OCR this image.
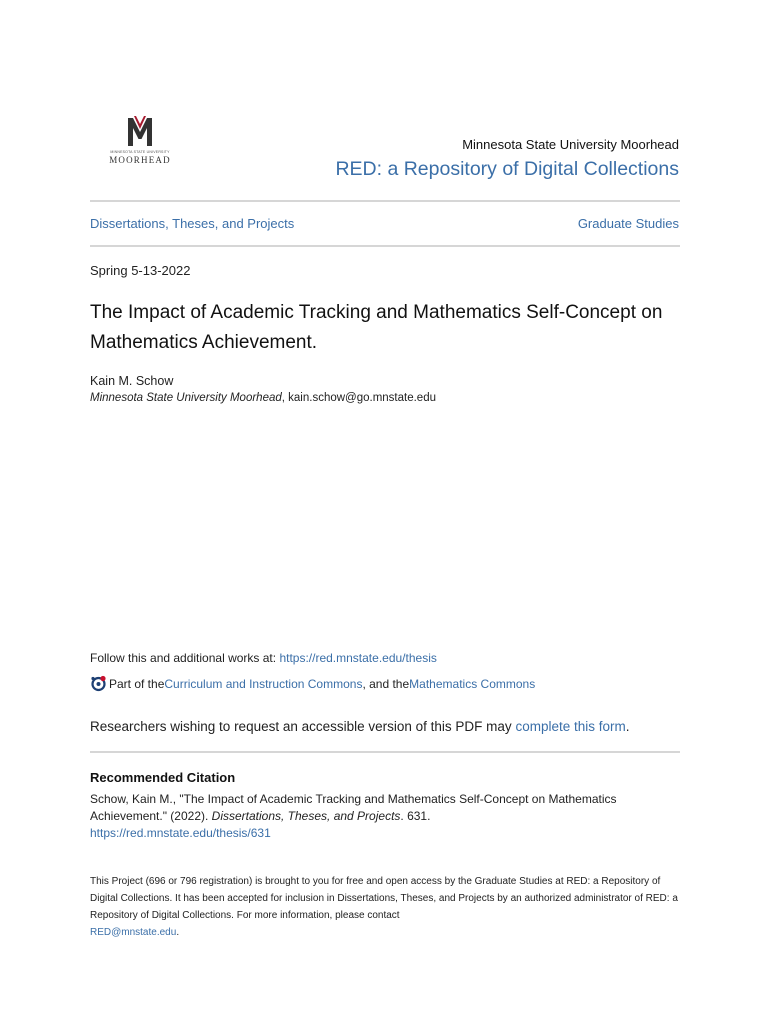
MINNESOTA STATE UNIVERSITY
MOORHEAD
Minnesota State University Moorhead
RED: a Repository of Digital Collections
Dissertations, Theses, and Projects	Graduate Studies
Spring 5-13-2022
The Impact of Academic Tracking and Mathematics Self-Concept on Mathematics Achievement.
Kain M. Schow
Minnesota State University Moorhead, kain.schow@go.mnstate.edu
Follow this and additional works at: https://red.mnstate.edu/thesis
Part of the Curriculum and Instruction Commons , and the Mathematics Commons
Researchers wishing to request an accessible version of this PDF may complete this form.
Recommended Citation
Schow, Kain M., "The Impact of Academic Tracking and Mathematics Self-Concept on Mathematics Achievement." (2022). Dissertations, Theses, and Projects. 631.
https://red.mnstate.edu/thesis/631
This Project (696 or 796 registration) is brought to you for free and open access by the Graduate Studies at RED: a Repository of Digital Collections. It has been accepted for inclusion in Dissertations, Theses, and Projects by an authorized administrator of RED: a Repository of Digital Collections. For more information, please contact
RED@mnstate.edu.
